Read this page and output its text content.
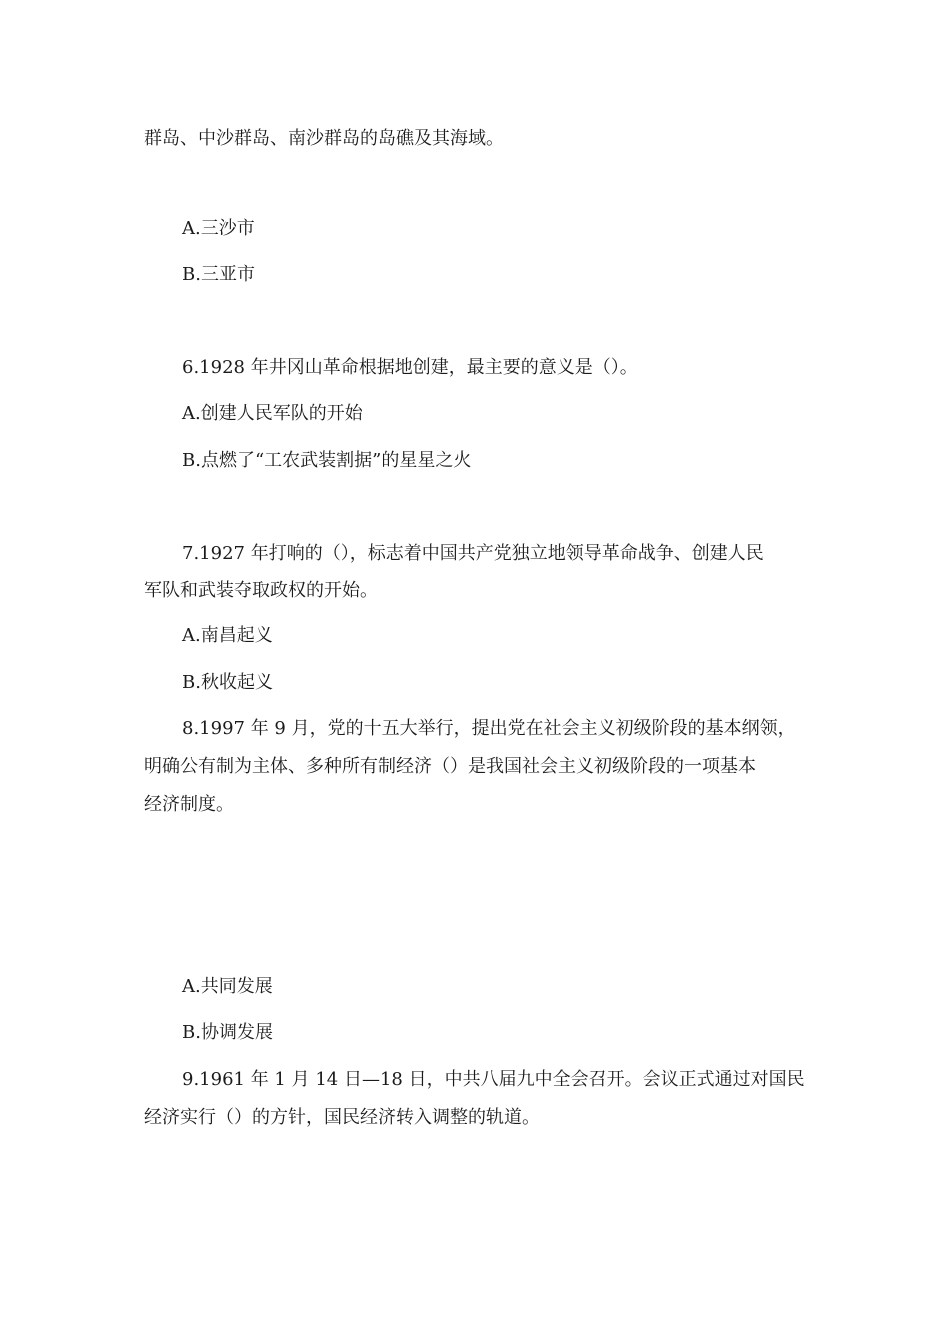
群岛、中沙群岛、南沙群岛的岛礁及其海域。
A.三沙市
B.三亚市
6.1928 年井冈山革命根据地创建，最主要的意义是（）。
A.创建人民军队的开始
B.点燃了“工农武装割据”的星星之火
7.1927 年打响的（），标志着中国共产党独立地领导革命战争、创建人民
军队和武装夺取政权的开始。
A.南昌起义
B.秋收起义
8.1997 年 9 月，党的十五大举行，提出党在社会主义初级阶段的基本纲领，
明确公有制为主体、多种所有制经济（）是我国社会主义初级阶段的一项基本
经济制度。
A.共同发展
B.协调发展
9.1961 年 1 月 14 日—18 日，中共八届九中全会召开。会议正式通过对国民
经济实行（）的方针，国民经济转入调整的轨道。
